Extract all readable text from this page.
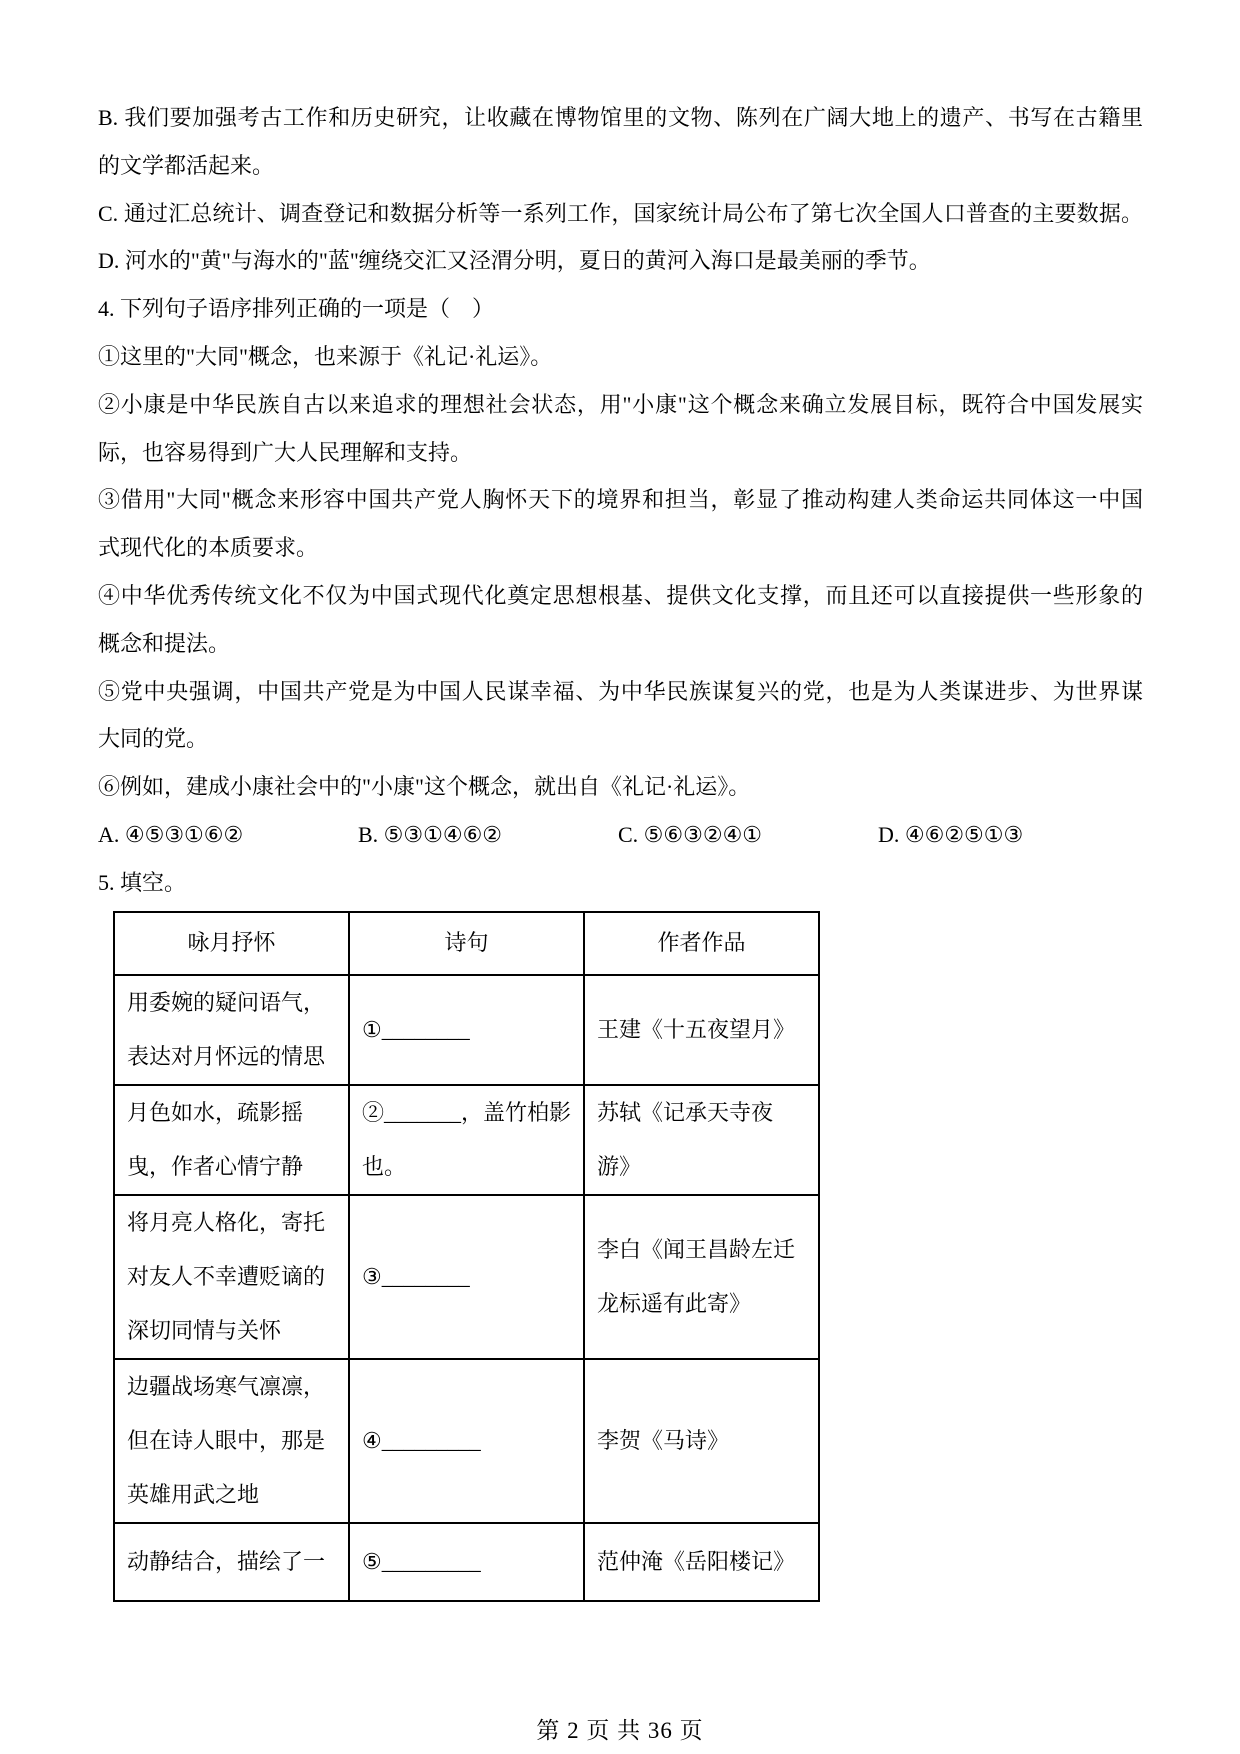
B. 我们要加强考古工作和历史研究，让收藏在博物馆里的文物、陈列在广阔大地上的遗产、书写在古籍里
的文学都活起来。
C. 通过汇总统计、调查登记和数据分析等一系列工作，国家统计局公布了第七次全国人口普查的主要数据。
D. 河水的"黄"与海水的"蓝"缠绕交汇又泾渭分明，夏日的黄河入海口是最美丽的季节。
4. 下列句子语序排列正确的一项是（　）
①这里的"大同"概念，也来源于《礼记·礼运》。
②小康是中华民族自古以来追求的理想社会状态，用"小康"这个概念来确立发展目标，既符合中国发展实
际，也容易得到广大人民理解和支持。
③借用"大同"概念来形容中国共产党人胸怀天下的境界和担当，彰显了推动构建人类命运共同体这一中国
式现代化的本质要求。
④中华优秀传统文化不仅为中国式现代化奠定思想根基、提供文化支撑，而且还可以直接提供一些形象的
概念和提法。
⑤党中央强调，中国共产党是为中国人民谋幸福、为中华民族谋复兴的党，也是为人类谋进步、为世界谋
大同的党。
⑥例如，建成小康社会中的"小康"这个概念，就出自《礼记·礼运》。
A. ④⑤③①⑥②	B. ⑤③①④⑥②	C. ⑤⑥③②④①	D. ④⑥②⑤①③
5. 填空。
咏月抒怀	诗句	作者作品
用委婉的疑问语气，表达对月怀远的情思	①________	王建《十五夜望月》
月色如水，疏影摇曳，作者心情宁静	②_______，盖竹柏影也。	苏轼《记承天寺夜游》
将月亮人格化，寄托对友人不幸遭贬谪的深切同情与关怀	③________	李白《闻王昌龄左迁龙标遥有此寄》
边疆战场寒气凛凛，但在诗人眼中，那是英雄用武之地	④_________	李贺《马诗》
动静结合，描绘了一	⑤_________	范仲淹《岳阳楼记》
第 2 页 共 36 页
